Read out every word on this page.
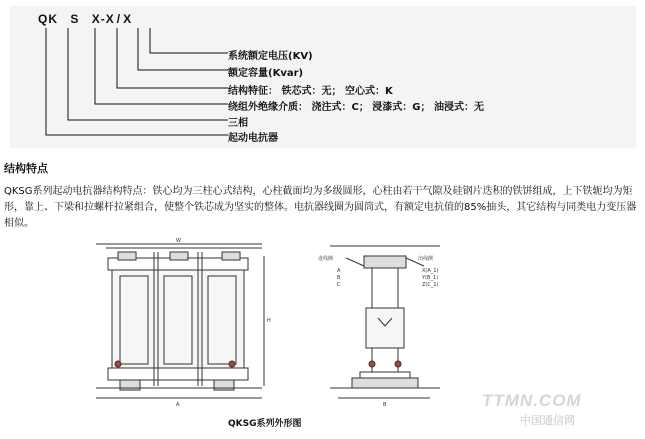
QK S X-X / X
系统额定电压(KV)
额定容量(Kvar)
结构特征： 铁芯式：无； 空心式：K
绕组外绝缘介质： 浇注式：C； 浸漆式：G； 油浸式：无
三相
起动电抗器
结构特点
QKSG系列起动电抗器结构特点：铁心均为三柱心式结构，心柱截面均为多级圆形，心柱由若干气隙及硅钢片迭积的铁饼组成，上下铁轭均为矩形，靠上、下梁和拉螺杆拉紧组合，使整个铁芯成为坚实的整体。电抗器线圈为圆筒式，有额定电抗值的85%抽头，其它结构与同类电力变压器相似。
进线侧	出线侧
X(A_1)
Y(B_1)
Z(C_1)
A
B
C
A	B
H
W
QKSG系列外形图
TTMN.COM
中国通信网
